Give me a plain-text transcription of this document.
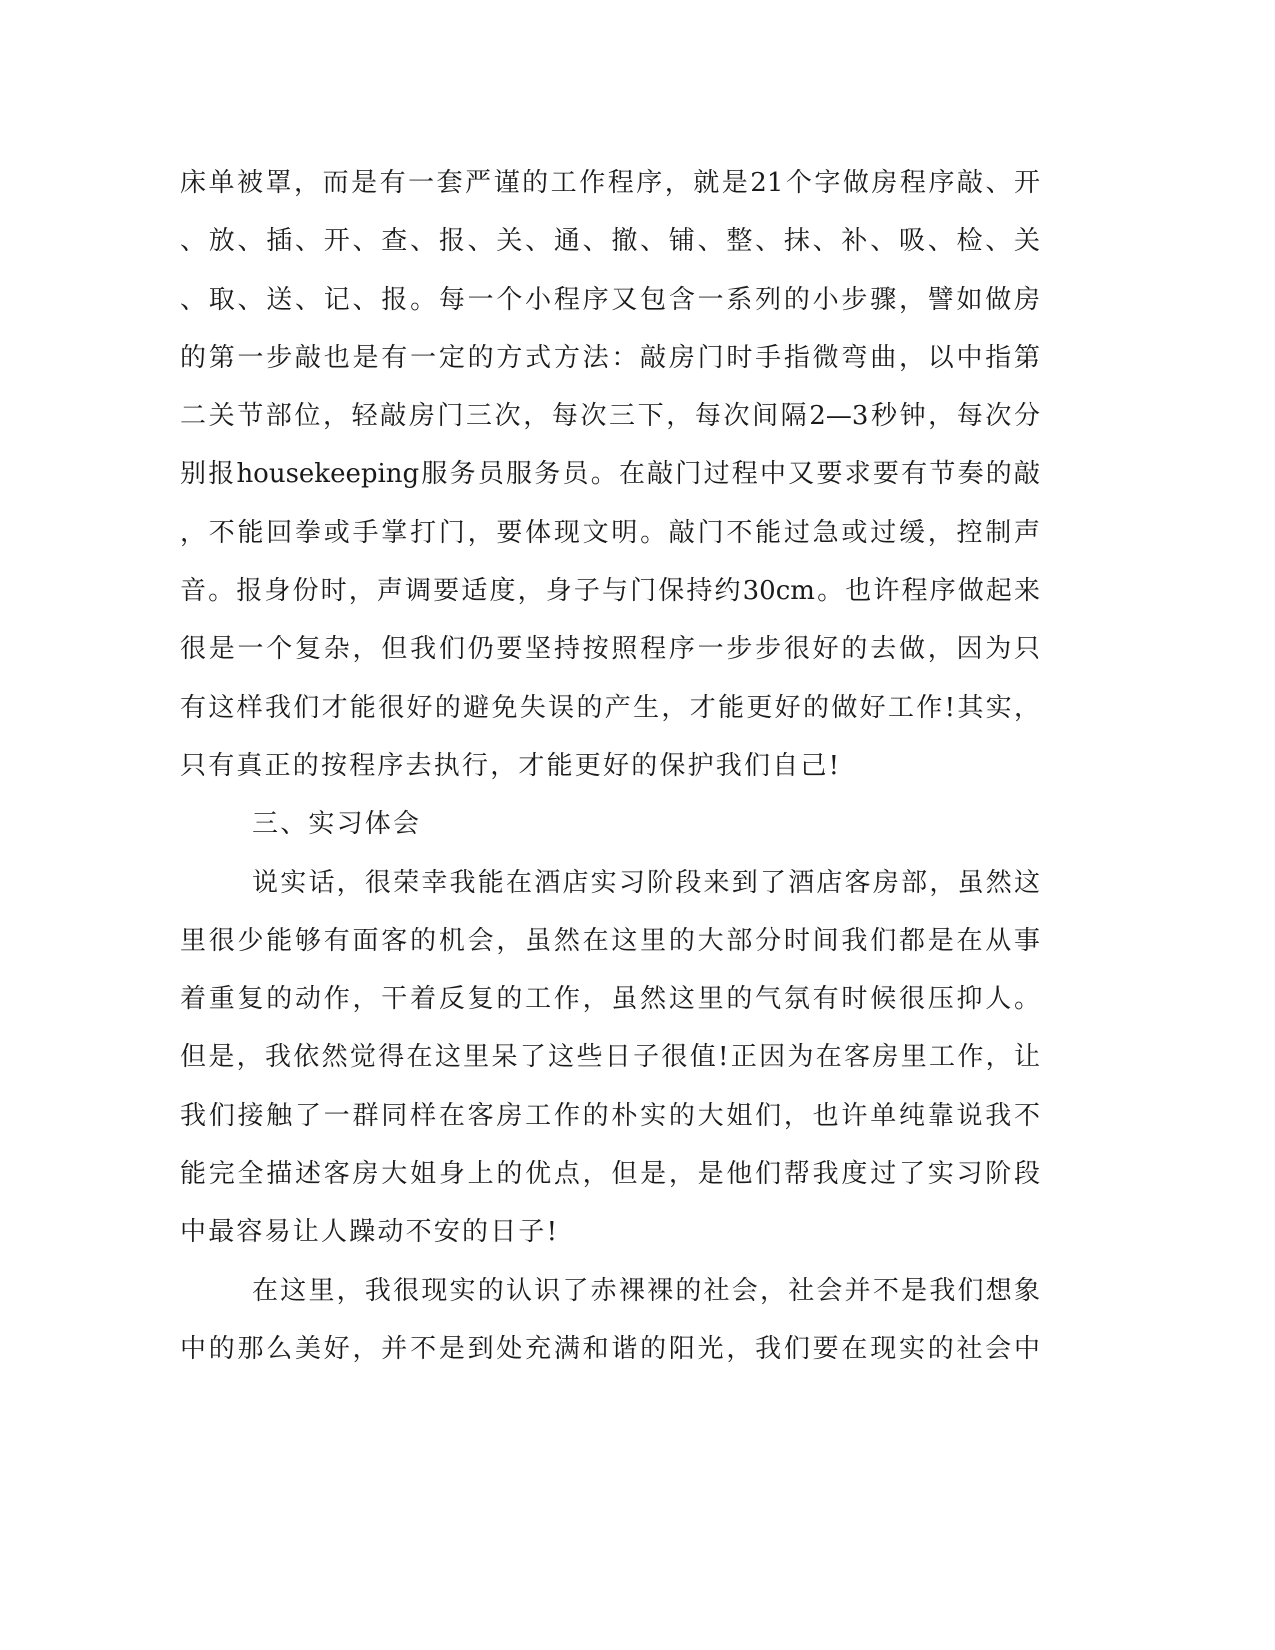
床单被罩，而是有一套严谨的工作程序，就是21个字做房程序敲、开
、放、插、开、查、报、关、通、撤、铺、整、抹、补、吸、检、关
、取、送、记、报。每一个小程序又包含一系列的小步骤，譬如做房
的第一步敲也是有一定的方式方法：敲房门时手指微弯曲，以中指第
二关节部位，轻敲房门三次，每次三下，每次间隔2—3秒钟，每次分
别报housekeeping服务员服务员。在敲门过程中又要求要有节奏的敲
，不能回拳或手掌打门，要体现文明。敲门不能过急或过缓，控制声
音。报身份时，声调要适度，身子与门保持约30cm。也许程序做起来
很是一个复杂，但我们仍要坚持按照程序一步步很好的去做，因为只
有这样我们才能很好的避免失误的产生，才能更好的做好工作!其实，
只有真正的按程序去执行，才能更好的保护我们自己!
三、实习体会
说实话，很荣幸我能在酒店实习阶段来到了酒店客房部，虽然这
里很少能够有面客的机会，虽然在这里的大部分时间我们都是在从事
着重复的动作，干着反复的工作，虽然这里的气氛有时候很压抑人。
但是，我依然觉得在这里呆了这些日子很值!正因为在客房里工作，让
我们接触了一群同样在客房工作的朴实的大姐们，也许单纯靠说我不
能完全描述客房大姐身上的优点，但是，是他们帮我度过了实习阶段
中最容易让人躁动不安的日子!
在这里，我很现实的认识了赤裸裸的社会，社会并不是我们想象
中的那么美好，并不是到处充满和谐的阳光，我们要在现实的社会中
